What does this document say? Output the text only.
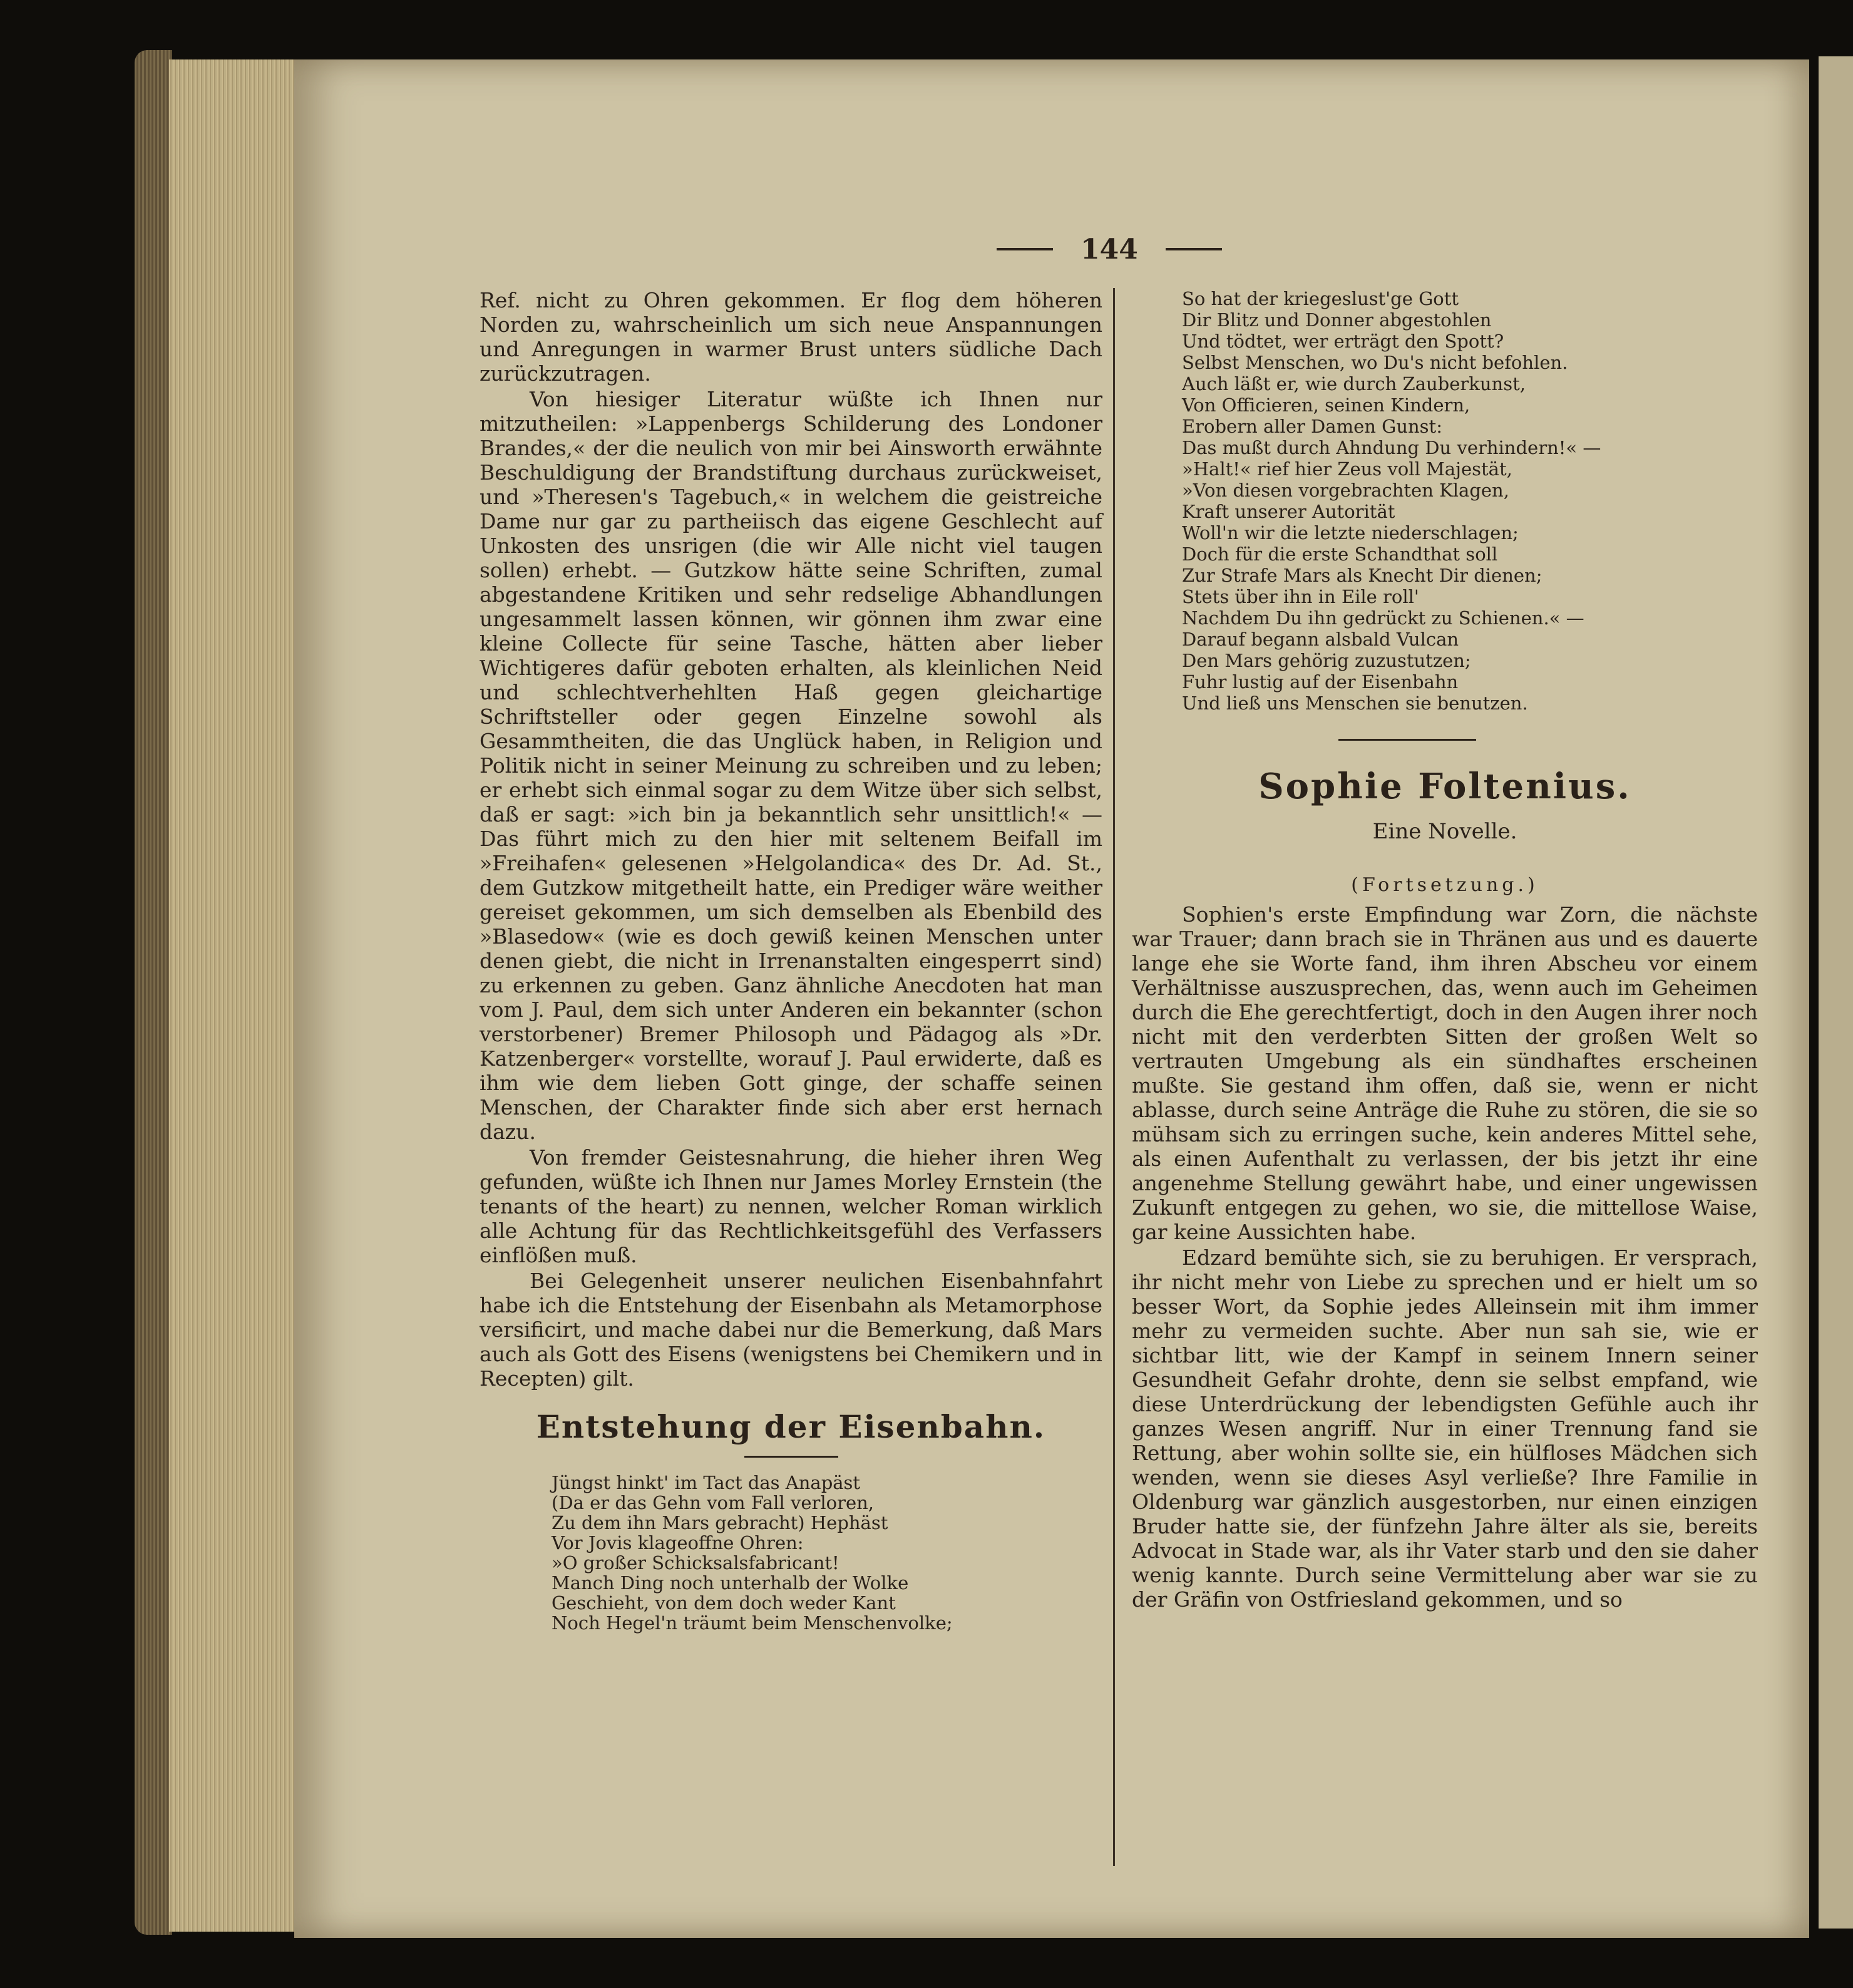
144

Ref. nicht zu Ohren gekommen. Er flog dem höheren Norden zu, wahrscheinlich um sich neue Anspannungen und Anregungen in warmer Brust unters südliche Dach zurückzutragen.

Von hiesiger Literatur wüßte ich Ihnen nur mitzutheilen: »Lappenbergs Schilderung des Londoner Brandes,« der die neulich von mir bei Ainsworth erwähnte Beschuldigung der Brandstiftung durchaus zurückweiset, und »Theresen's Tagebuch,« in welchem die geistreiche Dame nur gar zu partheiisch das eigene Geschlecht auf Unkosten des unsrigen (die wir Alle nicht viel taugen sollen) erhebt. — Gutzkow hätte seine Schriften, zumal abgestandene Kritiken und sehr redselige Abhandlungen ungesammelt lassen können, wir gönnen ihm zwar eine kleine Collecte für seine Tasche, hätten aber lieber Wichtigeres dafür geboten erhalten, als kleinlichen Neid und schlechtverhehlten Haß gegen gleichartige Schriftsteller oder gegen Einzelne sowohl als Gesammtheiten, die das Unglück haben, in Religion und Politik nicht in seiner Meinung zu schreiben und zu leben; er erhebt sich einmal sogar zu dem Witze über sich selbst, daß er sagt: »ich bin ja bekanntlich sehr unsittlich!« — Das führt mich zu den hier mit seltenem Beifall im »Freihafen« gelesenen »Helgolandica« des Dr. Ad. St., dem Gutzkow mitgetheilt hatte, ein Prediger wäre weither gereiset gekommen, um sich demselben als Ebenbild des »Blasedow« (wie es doch gewiß keinen Menschen unter denen giebt, die nicht in Irrenanstalten eingesperrt sind) zu erkennen zu geben. Ganz ähnliche Anecdoten hat man vom J. Paul, dem sich unter Anderen ein bekannter (schon verstorbener) Bremer Philosoph und Pädagog als »Dr. Katzenberger« vorstellte, worauf J. Paul erwiderte, daß es ihm wie dem lieben Gott ginge, der schaffe seinen Menschen, der Charakter finde sich aber erst hernach dazu.

Von fremder Geistesnahrung, die hieher ihren Weg gefunden, wüßte ich Ihnen nur James Morley Ernstein (the tenants of the heart) zu nennen, welcher Roman wirklich alle Achtung für das Rechtlichkeitsgefühl des Verfassers einflößen muß.

Bei Gelegenheit unserer neulichen Eisenbahnfahrt habe ich die Entstehung der Eisenbahn als Metamorphose versificirt, und mache dabei nur die Bemerkung, daß Mars auch als Gott des Eisens (wenigstens bei Chemikern und in Recepten) gilt.

Entstehung der Eisenbahn.
Jüngst hinkt' im Tact das Anapäst
(Da er das Gehn vom Fall verloren,
Zu dem ihn Mars gebracht) Hephäst
Vor Jovis klageoffne Ohren:
»O großer Schicksalsfabricant!
Manch Ding noch unterhalb der Wolke
Geschieht, von dem doch weder Kant
Noch Hegel'n träumt beim Menschenvolke;
So hat der kriegeslust'ge Gott
Dir Blitz und Donner abgestohlen
Und tödtet, wer erträgt den Spott?
Selbst Menschen, wo Du's nicht befohlen.
Auch läßt er, wie durch Zauberkunst,
Von Officieren, seinen Kindern,
Erobern aller Damen Gunst:
Das mußt durch Ahndung Du verhindern!« —
»Halt!« rief hier Zeus voll Majestät,
»Von diesen vorgebrachten Klagen,
Kraft unserer Autorität
Woll'n wir die letzte niederschlagen;
Doch für die erste Schandthat soll
Zur Strafe Mars als Knecht Dir dienen;
Stets über ihn in Eile roll'
Nachdem Du ihn gedrückt zu Schienen.« —
Darauf begann alsbald Vulcan
Den Mars gehörig zuzustutzen;
Fuhr lustig auf der Eisenbahn
Und ließ uns Menschen sie benutzen.
Sophie Foltenius.
Eine Novelle.
(Fortsetzung.)

Sophien's erste Empfindung war Zorn, die nächste war Trauer; dann brach sie in Thränen aus und es dauerte lange ehe sie Worte fand, ihm ihren Abscheu vor einem Verhältnisse auszusprechen, das, wenn auch im Geheimen durch die Ehe gerechtfertigt, doch in den Augen ihrer noch nicht mit den verderbten Sitten der großen Welt so vertrauten Umgebung als ein sündhaftes erscheinen mußte. Sie gestand ihm offen, daß sie, wenn er nicht ablasse, durch seine Anträge die Ruhe zu stören, die sie so mühsam sich zu erringen suche, kein anderes Mittel sehe, als einen Aufenthalt zu verlassen, der bis jetzt ihr eine angenehme Stellung gewährt habe, und einer ungewissen Zukunft entgegen zu gehen, wo sie, die mittellose Waise, gar keine Aussichten habe.

Edzard bemühte sich, sie zu beruhigen. Er versprach, ihr nicht mehr von Liebe zu sprechen und er hielt um so besser Wort, da Sophie jedes Alleinsein mit ihm immer mehr zu vermeiden suchte. Aber nun sah sie, wie er sichtbar litt, wie der Kampf in seinem Innern seiner Gesundheit Gefahr drohte, denn sie selbst empfand, wie diese Unterdrückung der lebendigsten Gefühle auch ihr ganzes Wesen angriff. Nur in einer Trennung fand sie Rettung, aber wohin sollte sie, ein hülfloses Mädchen sich wenden, wenn sie dieses Asyl verließe? Ihre Familie in Oldenburg war gänzlich ausgestorben, nur einen einzigen Bruder hatte sie, der fünfzehn Jahre älter als sie, bereits Advocat in Stade war, als ihr Vater starb und den sie daher wenig kannte. Durch seine Vermittelung aber war sie zu der Gräfin von Ostfriesland gekommen, und so
